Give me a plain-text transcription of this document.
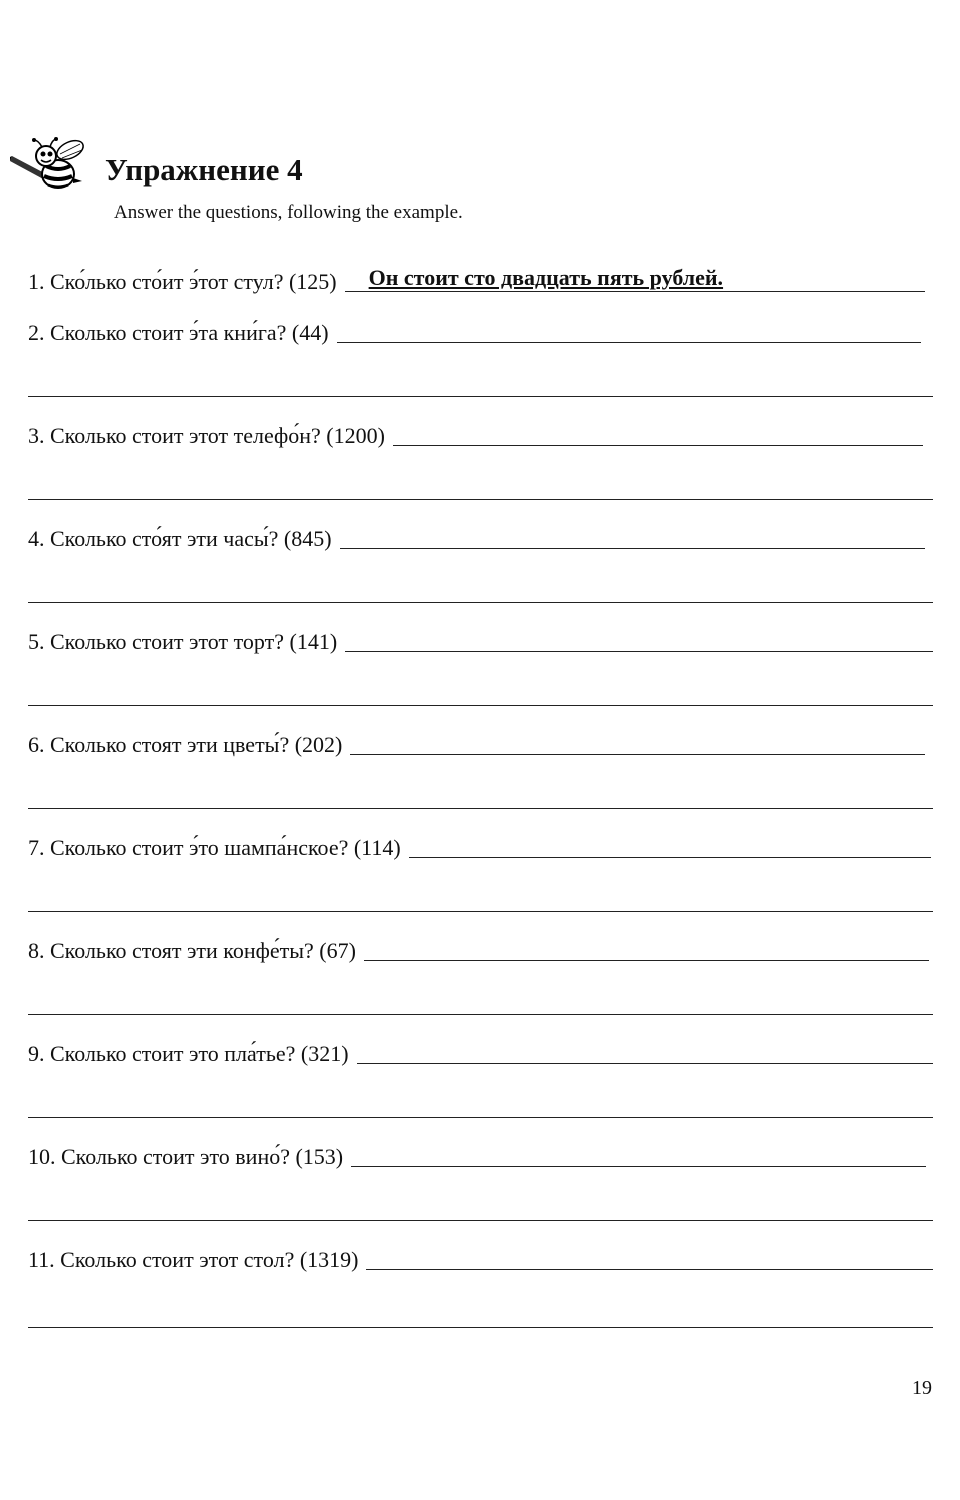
Упражнение 4
Answer the questions, following the example.
1. Ско́лько сто́ит э́тот стул? (125) Он стоит сто двадцать пять рублей.
2. Сколько стоит э́та кни́га? (44)
3. Сколько стоит этот телефо́н? (1200)
4. Сколько сто́ят эти часы́? (845)
5. Сколько стоит этот торт? (141)
6. Сколько стоят эти цветы́? (202)
7. Сколько стоит э́то шампа́нское? (114)
8. Сколько стоят эти конфе́ты? (67)
9. Сколько стоит это пла́тье? (321)
10. Сколько стоит это вино́? (153)
11. Сколько стоит этот стол? (1319)
19
